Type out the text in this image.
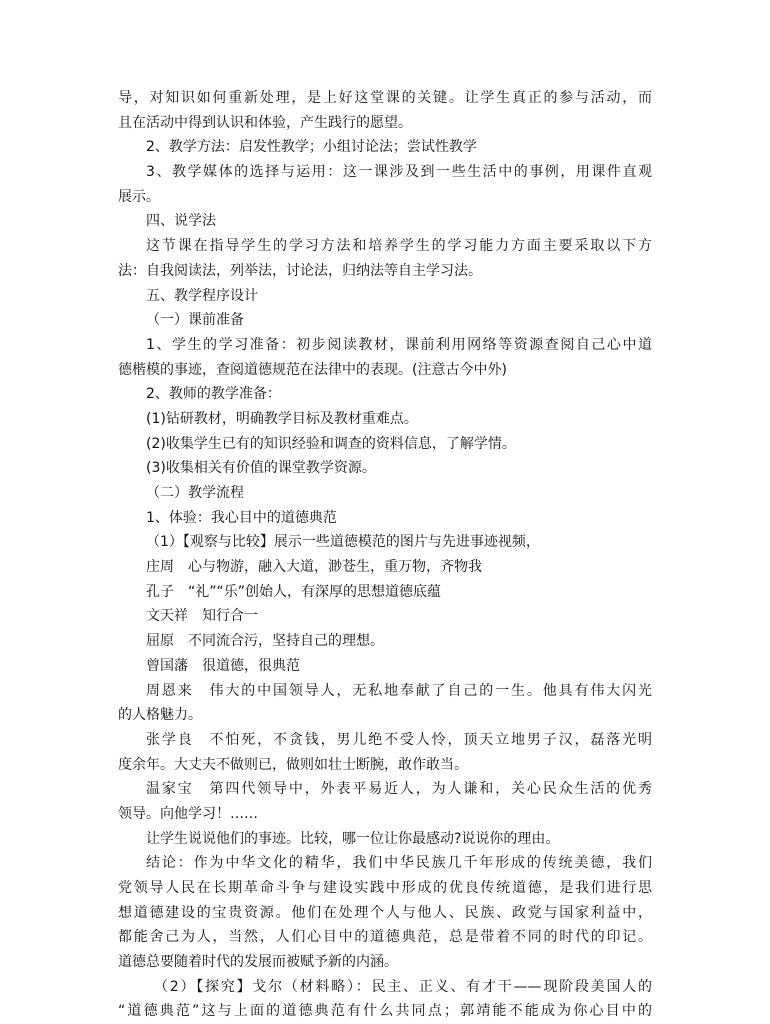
导，对知识如何重新处理，是上好这堂课的关键。让学生真正的参与活动，而
且在活动中得到认识和体验，产生践行的愿望。
2、教学方法：启发性教学；小组讨论法；尝试性教学
3、教学媒体的选择与运用：这一课涉及到一些生活中的事例，用课件直观
展示。
四、说学法
这节课在指导学生的学习方法和培养学生的学习能力方面主要采取以下方
法：自我阅读法，列举法，讨论法，归纳法等自主学习法。
五、教学程序设计
（一）课前准备
1、学生的学习准备：初步阅读教材，课前利用网络等资源查阅自己心中道
德楷模的事迹，查阅道德规范在法律中的表现。(注意古今中外)
2、教师的教学准备：
(1)钻研教材，明确教学目标及教材重难点。
(2)收集学生已有的知识经验和调查的资料信息，了解学情。
(3)收集相关有价值的课堂教学资源。
（二）教学流程
1、体验：我心目中的道德典范
（1）【观察与比较】展示一些道德模范的图片与先进事迹视频，
庄周　心与物游，融入大道，渺苍生，重万物，齐物我
孔子　“礼”“乐”创始人，有深厚的思想道德底蕴
文天祥　知行合一
屈原　不同流合污，坚持自己的理想。
曾国藩　很道德，很典范
周恩来　伟大的中国领导人，无私地奉献了自己的一生。他具有伟大闪光
的人格魅力。
张学良　不怕死，不贪钱，男儿绝不受人怜，顶天立地男子汉，磊落光明
度余年。大丈夫不做则已，做则如壮士断腕，敢作敢当。
温家宝　第四代领导中，外表平易近人，为人谦和，关心民众生活的优秀
领导。向他学习！……
让学生说说他们的事迹。比较，哪一位让你最感动?说说你的理由。
结论：作为中华文化的精华，我们中华民族几千年形成的传统美德，我们
党领导人民在长期革命斗争与建设实践中形成的优良传统道德，是我们进行思
想道德建设的宝贵资源。他们在处理个人与他人、民族、政党与国家利益中，
都能舍己为人，当然，人们心目中的道德典范，总是带着不同的时代的印记。
道德总要随着时代的发展而被赋予新的内涵。
（2）【探究】戈尔（材料略）：民主、正义、有才干——现阶段美国人的
“道德典范”这与上面的道德典范有什么共同点；郭靖能不能成为你心目中的
